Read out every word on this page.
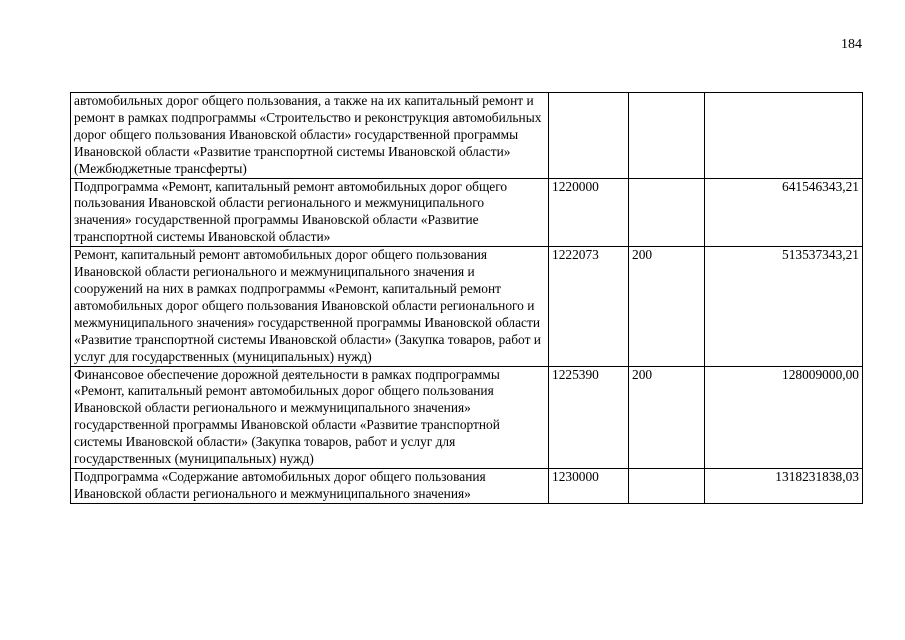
184
автомобильных дорог общего пользования, а также на их капитальный ремонт и ремонт в рамках подпрограммы «Строительство и реконструкция автомобильных дорог общего пользования Ивановской области» государственной программы Ивановской области «Развитие транспортной системы Ивановской области» (Межбюджетные трансферты)			
Подпрограмма «Ремонт, капитальный ремонт автомобильных дорог общего пользования Ивановской области регионального и межмуниципального значения» государственной программы Ивановской области «Развитие транспортной системы Ивановской области»	1220000		641546343,21
Ремонт, капитальный ремонт автомобильных дорог общего пользования Ивановской области регионального и межмуниципального значения и сооружений на них в рамках подпрограммы «Ремонт, капитальный ремонт автомобильных дорог общего пользования Ивановской области регионального и межмуниципального значения» государственной программы Ивановской области «Развитие транспортной системы Ивановской области» (Закупка товаров, работ и услуг для государственных (муниципальных) нужд)	1222073	200	513537343,21
Финансовое обеспечение дорожной деятельности в рамках подпрограммы «Ремонт, капитальный ремонт автомобильных дорог общего пользования Ивановской области регионального и межмуниципального значения» государственной программы Ивановской области «Развитие транспортной системы Ивановской области» (Закупка товаров, работ и услуг для государственных (муниципальных) нужд)	1225390	200	128009000,00
Подпрограмма «Содержание автомобильных дорог общего пользования Ивановской области регионального и межмуниципального значения»	1230000		1318231838,03
